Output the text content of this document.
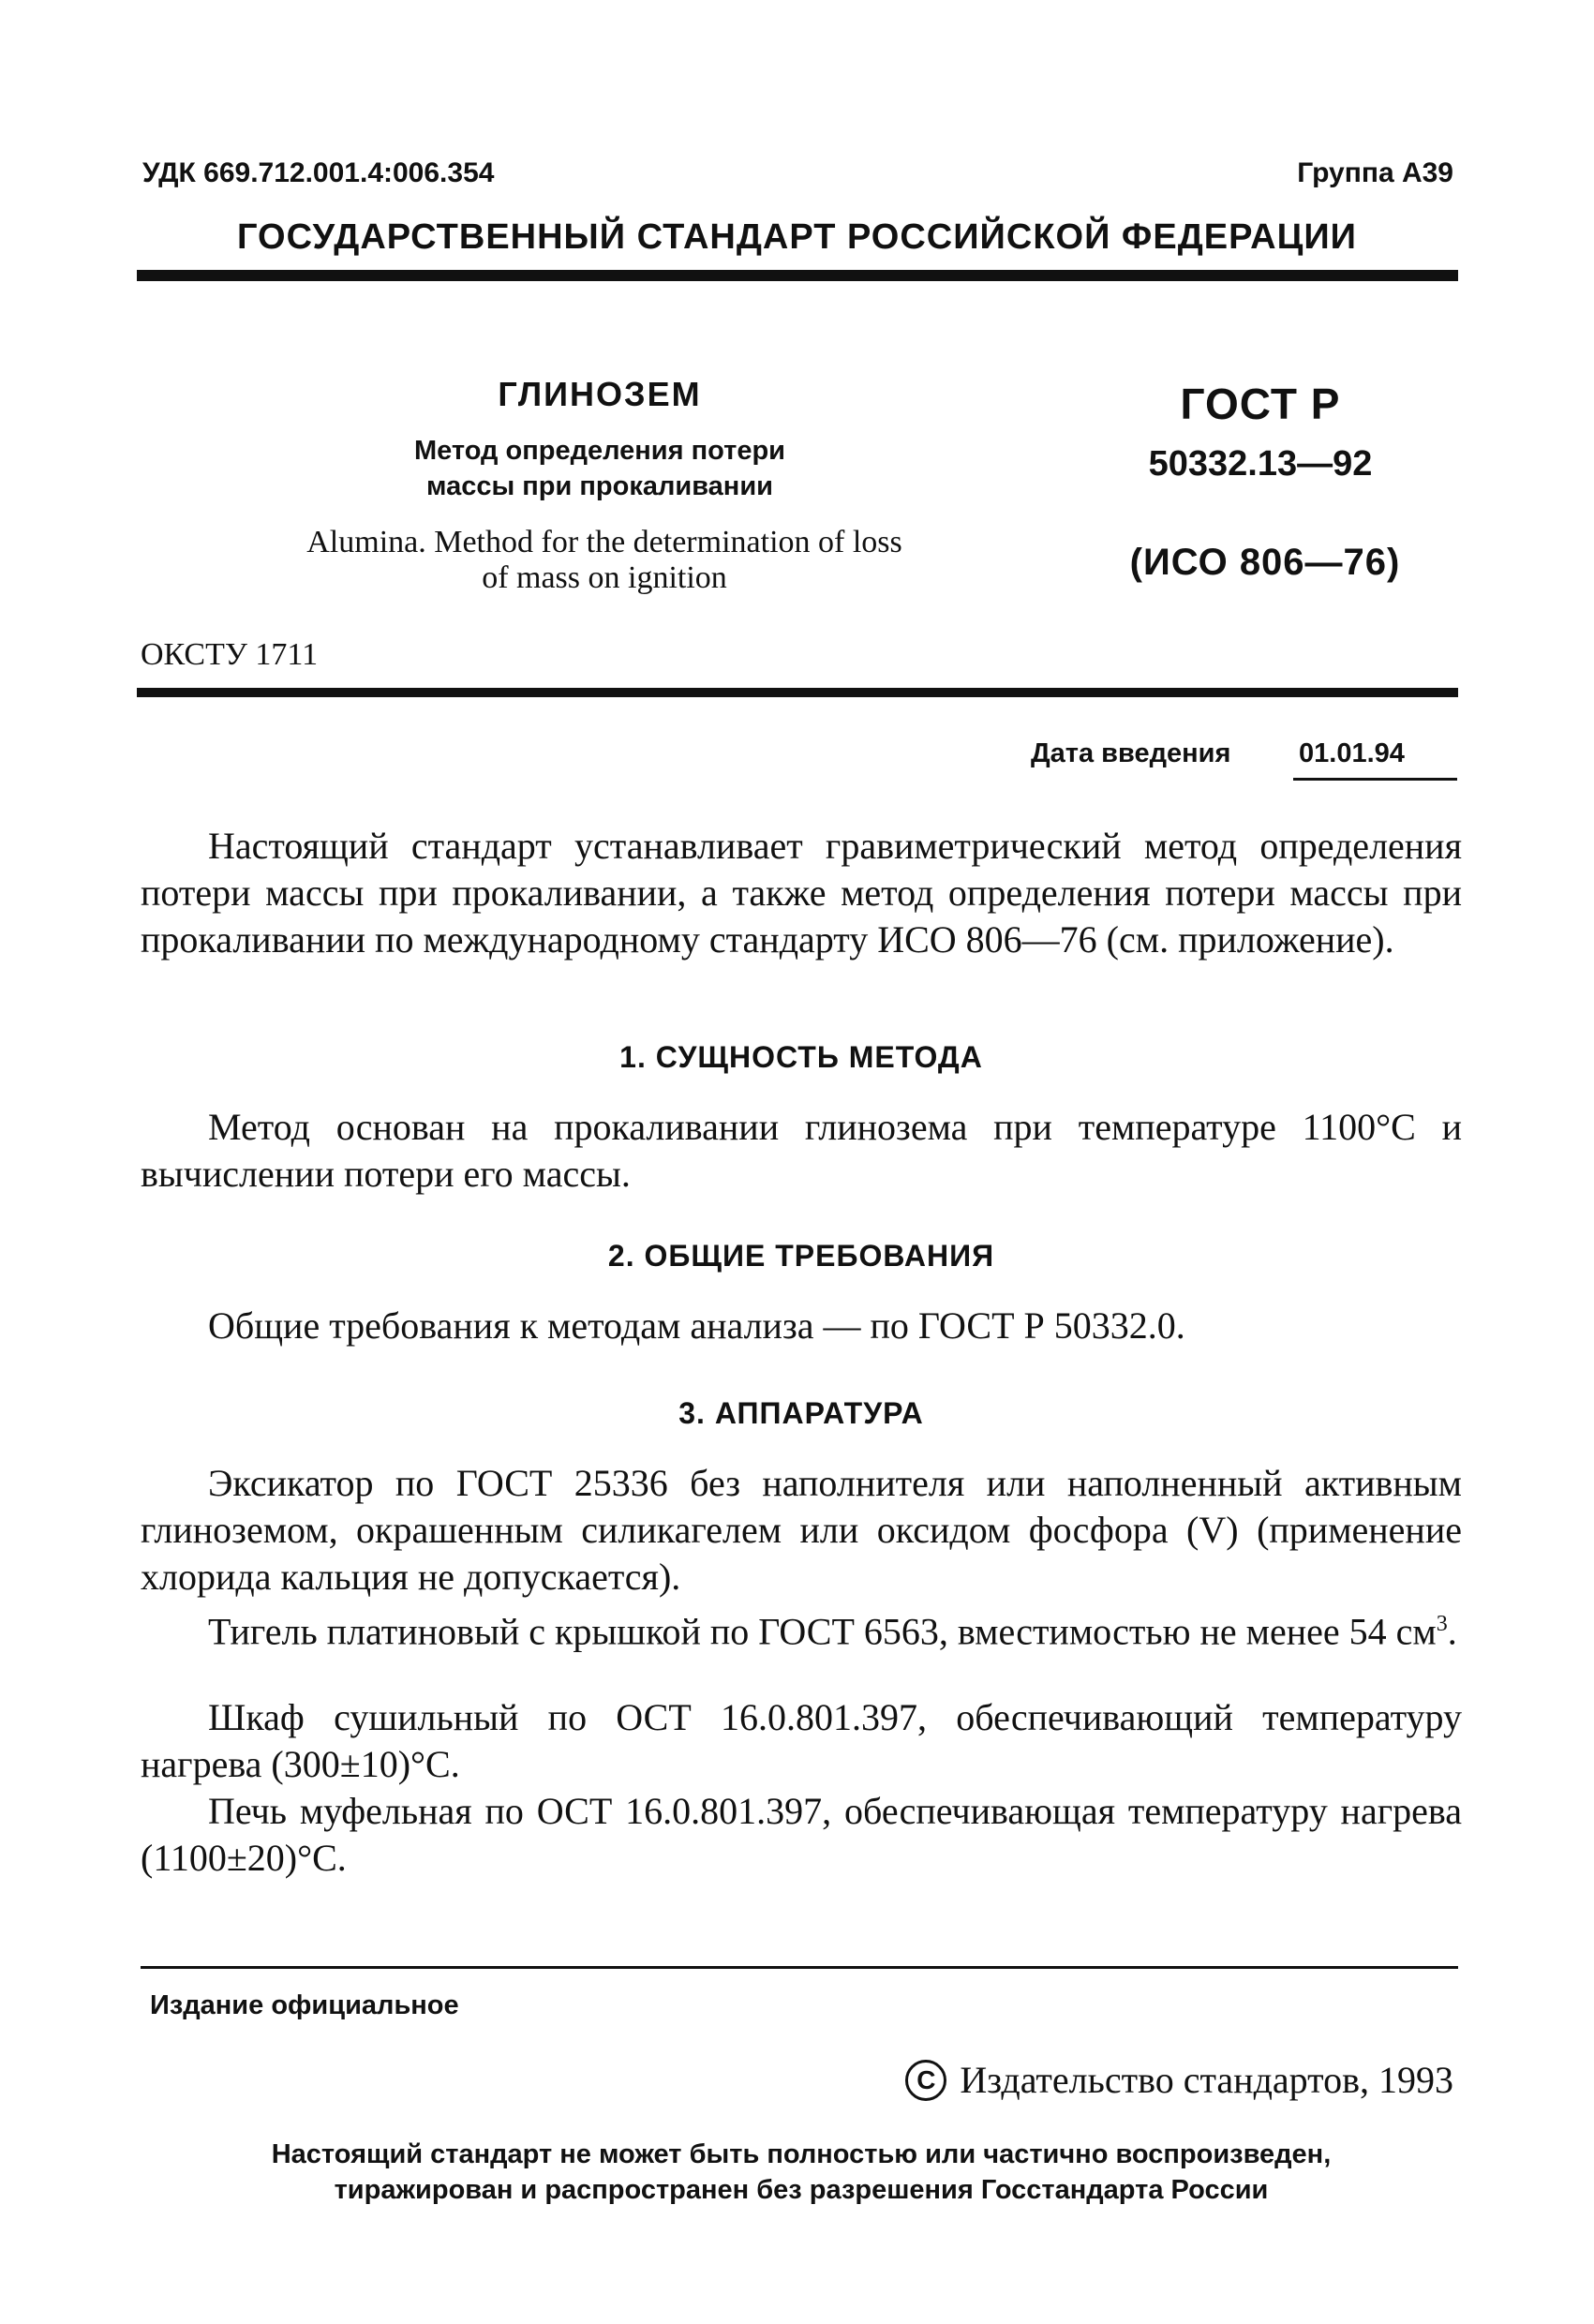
УДК 669.712.001.4:006.354	Группа А39
ГОСУДАРСТВЕННЫЙ СТАНДАРТ РОССИЙСКОЙ ФЕДЕРАЦИИ
ГЛИНОЗЕМ
Метод определения потери
массы при прокаливании
Alumina. Method for the determination of loss
of mass on ignition
ГОСТ Р
50332.13—92
(ИСО 806—76)
ОКСТУ 1711
Дата введения	01.01.94

Настоящий стандарт устанавливает гравиметрический метод определения потери массы при прокаливании, а также метод определения потери массы при прокаливании по международному стандарту ИСО 806—76 (см. приложение).

1. СУЩНОСТЬ МЕТОДА

Метод основан на прокаливании глинозема при температуре 1100°С и вычислении потери его массы.

2. ОБЩИЕ ТРЕБОВАНИЯ

Общие требования к методам анализа — по ГОСТ Р 50332.0.

3. АППАРАТУРА

Эксикатор по ГОСТ 25336 без наполнителя или наполненный активным глиноземом, окрашенным силикагелем или оксидом фосфора (V) (применение хлорида кальция не допускается).

Тигель платиновый с крышкой по ГОСТ 6563, вместимостью не менее 54 $см^3$.

Шкаф сушильный по ОСТ 16.0.801.397, обеспечивающий температуру нагрева (300±10)°С.

Печь муфельная по ОСТ 16.0.801.397, обеспечивающая температуру нагрева (1100±20)°С.

Издание официальное
С Издательство стандартов, 1993
Настоящий стандарт не может быть полностью или частично воспроизведен,
тиражирован и распространен без разрешения Госстандарта России
